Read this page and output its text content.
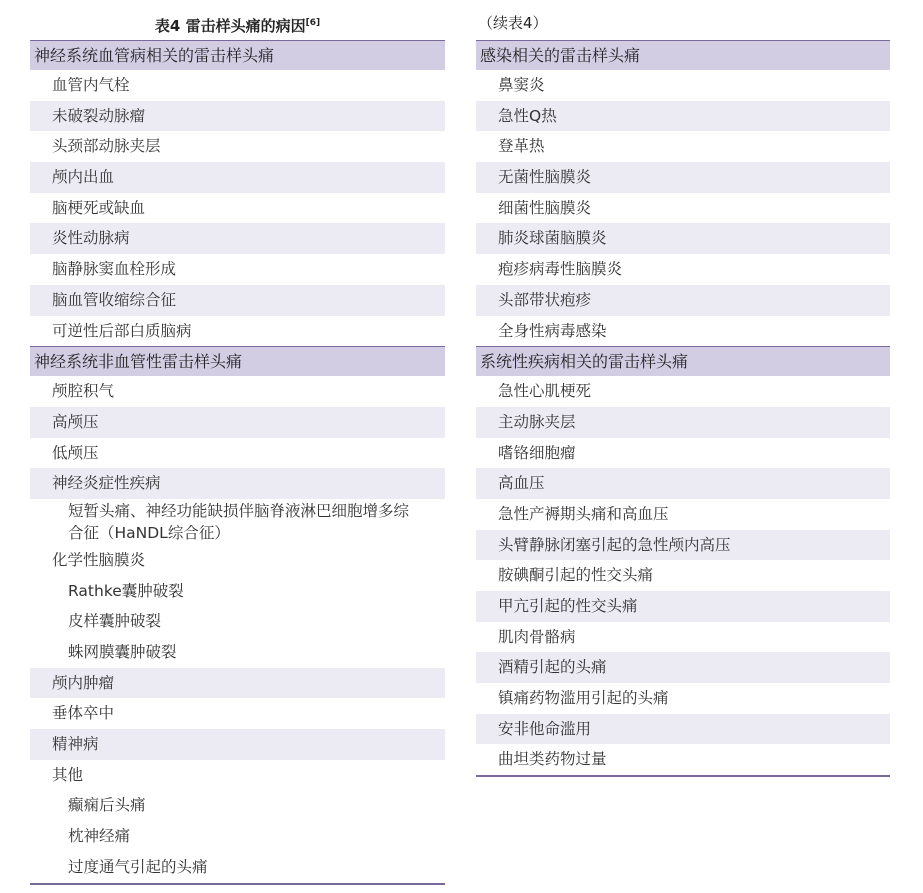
表4 雷击样头痛的病因[6]
神经系统血管病相关的雷击样头痛
血管内气栓
未破裂动脉瘤
头颈部动脉夹层
颅内出血
脑梗死或缺血
炎性动脉病
脑静脉窦血栓形成
脑血管收缩综合征
可逆性后部白质脑病
神经系统非血管性雷击样头痛
颅腔积气
高颅压
低颅压
神经炎症性疾病
短暂头痛、神经功能缺损伴脑脊液淋巴细胞增多综合征（HaNDL综合征）
化学性脑膜炎
Rathke囊肿破裂
皮样囊肿破裂
蛛网膜囊肿破裂
颅内肿瘤
垂体卒中
精神病
其他
癫痫后头痛
枕神经痛
过度通气引起的头痛
（续表4）
感染相关的雷击样头痛
鼻窦炎
急性Q热
登革热
无菌性脑膜炎
细菌性脑膜炎
肺炎球菌脑膜炎
疱疹病毒性脑膜炎
头部带状疱疹
全身性病毒感染
系统性疾病相关的雷击样头痛
急性心肌梗死
主动脉夹层
嗜铬细胞瘤
高血压
急性产褥期头痛和高血压
头臂静脉闭塞引起的急性颅内高压
胺碘酮引起的性交头痛
甲亢引起的性交头痛
肌肉骨骼病
酒精引起的头痛
镇痛药物滥用引起的头痛
安非他命滥用
曲坦类药物过量
